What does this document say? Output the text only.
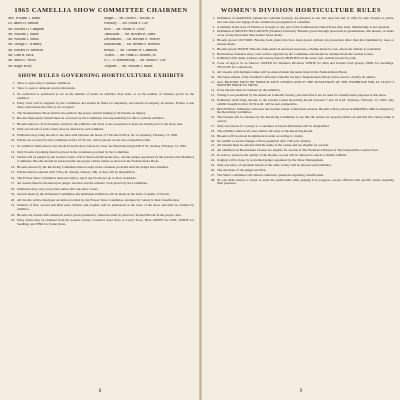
1965 CAMELLIA SHOW COMMITTEE CHAIRMEN
Mrs. William T. Baker	Judges … Mr. Dorris L. Wilson, Jr.
Dr. James H. Benson	Publicity … Mr. Arthur F. Coe
Mr. Edward D. Campbell	Host … Mr. Walter E. Lowe
Mr. William T. Baker	Tabulation … Mr. Howard B. Jones
Mr. William T. Smith	Decorations … Mr. Howard S. Weaver
Mr. George L. Whitney	Educational … Mr. Herbert F. Brenton
Mr. Edward H. Berntsch	Results … Mr. Thomas W. Cimmons
Mr. Glen B. Beck	Tickets … Mr. Frank D. Holmes, Sr.
Mr. Miles E. Wood	A. C. S. Membership … Mr. Arthur F. Coe
Mr. Roger Kelly	Trophies … Mr. William T. Baker
SHOW RULES GOVERNING HORTICULTURE EXHIBITS
1. Show is open only to amateur exhibitors.
2. Show is open to amateurs and professionals.
3. No restriction is positioned as set on the number of plants an exhibitor may enter, or on the number of varieties grown by the exhibitor.
4. Entry cards will be supplied by the Committee and should be filled in completely, and should accompany all entries. Failure to use these cards means the entry is not accepted.
5. The Nomenclature Book shall be the guide in the proper varietal naming of all blooms on display.
6. Blooms improperly labeled must be corrected by the Committee, but responsibility for this is with the exhibitor.
7. Blooms must be cut from plants owned by the exhibitor and in his or her possession at least one month prior to the show date.
8. Only one bloom of each variety may be entered by each exhibitor.
9. Exhibitors may bring blooms to the show hall between the hours of 7:00 and 10:00 A. M. on Saturday, February 13, 1965.
10. Entries not received by the Committee before 10:30 a.m. will be placed on the non-competitive table.
11. No exhibitor shall remove any bloom from the show before its close, the final time being 8:00 P. M., Sunday, February 14, 1965.
12. Only blooms in judging must be placed in the containers provided by the Committee.
13. Entries will be judged by the Garden Center of Port Stuart and Riverside Ave., and the judges appointed by the Garden Club Members Committee. Blooms should be entered under the proper variety names as shown in the Nomenclature Book.
14. Blooms entered by the Receiving Committee must be kept in the container provided until the judges have finished.
15. Entries must be entered with 7:00 p.m. Sunday, January 14th, or they will be disqualified.
16. The Flower Show Committee takes the right to reject any bloom not up to show standards.
17. All awards must be decided upon judges' decision and the winners' cards placed by the Committee.
18. Exhibitors may carry away their entries after the show closes.
19. Awards made by the Permanent Committee and individual exhibitors will be made on the basis of quality of bloom.
20. All blooms will be displayed on tables provided by the Flower Show Committee, arranged by variety in their classification.
21. Winners of first, second and third place ribbons and trophies will be announced at the close of the show and must be claimed by exhibitor.
22. Blooms not treated with chemicals will be given preference; otherwise shall be placed as 'Treated Bloom' in the proper class.
23. Entry forms may be obtained from the Garden Center, Conners's Seed Store or Levy's Store. Have GREEN for WIN, WHITE for Seedling, and PINK for Under Glass.
8
WOMEN'S DIVISION HORTICULTURE RULES
1. Definition of AMATEUR (American Camellia Society): An Amateur is one who does not sell, or offer for sale, blooms or plants, and who does not engage in the commercial propagation of camellias.
2. A member in the state of Florida or Georgia or any part of the Southeastern United States may enter. Membership is not required.
3. Definition of PROTECTED GROWN (Women's Division): Blooms grown through protection in greenhouses, lath houses, or under cover of any kind other than natural forest shade.
4. Blooms grown OUTSIDE: Blooms from plants that have been grown without any protection other than that furnished by trees or natural shade.
5. Blooms grown INSIDE: Blooms from plants in enclosed structures, whether heated or not, where the climate is controlled.
6. Horticulture Standard entry cards will be supplied by the Committee and should be obtained from the Garden Center.
7. Exhibitor's full name, address, and variety must be PRINTED on the entry card, written in pencil or ink.
8. Color of tags to be as follows: GREEN for Women's Division, WHITE for Men and Garden Club groups, PINK for Seedlings, YELLOW for Collections.
9. All blooms with multiple names will be entered under the name listed in the Nomenclature Book.
10. The latest edition of the Southern California Camellia Society's Nomenclature Book will be used to classify all entries.
11. ALL BLOOMS MUST BE FROM PLANTS OWNED AND IN THE POSSESSION OF THE EXHIBITOR FOR AT LEAST 3 MONTHS PRIOR TO SHOW.
12. Extra blooms must be retained by the exhibitor.
13. Wiring is not permitted by the American Camellia Society; provided that it not be used for classification purposes at this show.
14. Exhibitors shall bring blooms to the Garden Center Receiving Room between 7 and 10 A.M. Saturday, February 13, 1965. Any exhibit brought in after 10:30 A.M. will be non-competitive.
15. RECEIVING: Exhibitors will enter the Garden Center at Riverside Avenue. Blooms will be placed in PARKING AREA assigned by the Receiving Committee.
16. The blooms will be checked by the Receiving Committee to see that the entries are properly filled out and that the variety name is correct.
17. Only one bloom of a variety to a container. A bloom mislabeled will be disqualified.
18. The exhibitor must in all cases deliver the entry at the Receiving Room.
19. Blooms will be placed in alphabetical order according to variety.
20. No exhibit or award changes will be permitted after 7:00 p.m. Sunday.
21. All blooms must be entered with the name of the owner and are eligible for awards.
22. All exhibitors in Horticulture Classes are eligible for awards of The Women's Division of The Jacksonville Garden Club.
23. In order to preserve the quality of the blooms, no one will be allowed to touch or handle exhibits.
24. Judging will be done by accredited judges appointed by the Show Management.
25. Only one entry of specimen bloom of the same variety will be allowed each exhibitor.
26. The decisions of the judges are final.
27. The Show Committee will answer exhibitors' questions regarding classification.
28. No one shall remove a bloom or enter the Auditorium while judging is in progress, except officials with specific duties requiring their presence.
9
